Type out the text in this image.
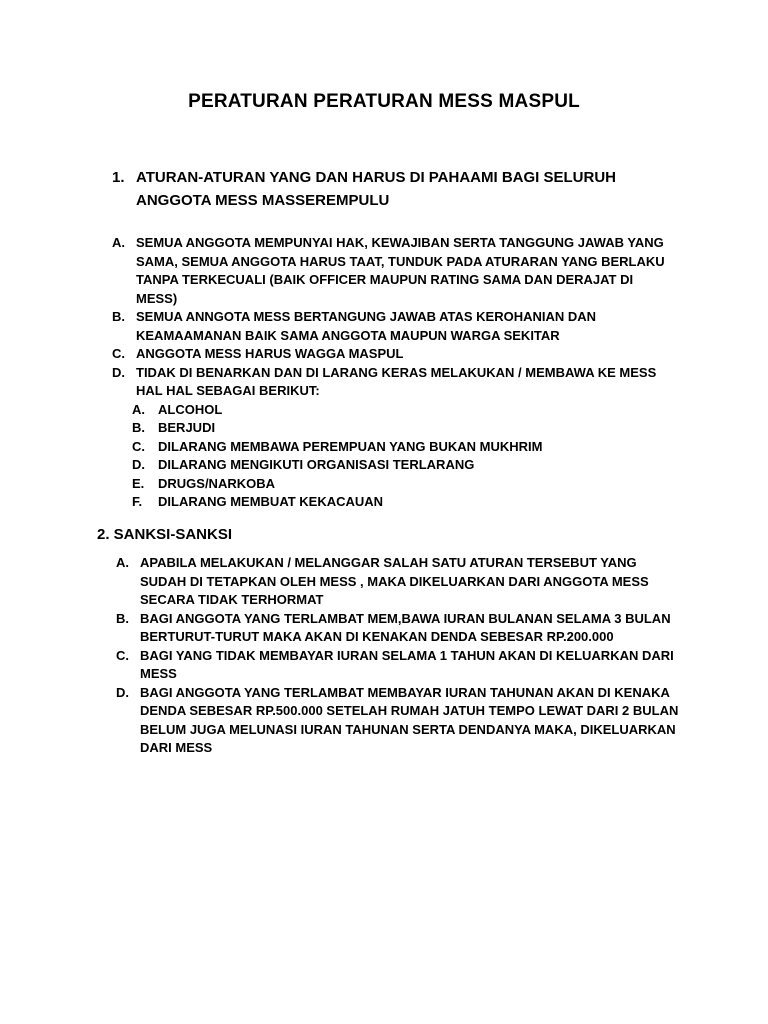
PERATURAN PERATURAN MESS MASPUL
1. ATURAN-ATURAN YANG DAN HARUS DI PAHAAMI BAGI SELURUH ANGGOTA MESS MASSEREMPULU
A. SEMUA ANGGOTA MEMPUNYAI HAK, KEWAJIBAN SERTA TANGGUNG JAWAB YANG SAMA, SEMUA ANGGOTA HARUS TAAT, TUNDUK PADA ATURARAN YANG BERLAKU TANPA TERKECUALI (BAIK OFFICER MAUPUN RATING SAMA DAN DERAJAT DI MESS)
B. SEMUA ANNGOTA MESS BERTANGUNG JAWAB ATAS KEROHANIAN DAN KEAMAAMANAN BAIK SAMA ANGGOTA MAUPUN WARGA SEKITAR
C. ANGGOTA MESS HARUS WAGGA MASPUL
D. TIDAK DI BENARKAN DAN DI LARANG KERAS MELAKUKAN / MEMBAWA KE MESS HAL HAL SEBAGAI BERIKUT:
A. ALCOHOL
B. BERJUDI
C. DILARANG MEMBAWA PEREMPUAN YANG BUKAN MUKHRIM
D. DILARANG MENGIKUTI ORGANISASI TERLARANG
E. DRUGS/NARKOBA
F. DILARANG MEMBUAT KEKACAUAN
2. SANKSI-SANKSI
A. APABILA MELAKUKAN / MELANGGAR SALAH SATU ATURAN TERSEBUT YANG SUDAH DI TETAPKAN OLEH MESS , MAKA DIKELUARKAN DARI ANGGOTA MESS SECARA TIDAK TERHORMAT
B. BAGI ANGGOTA YANG TERLAMBAT MEM,BAWA IURAN BULANAN SELAMA 3 BULAN BERTURUT-TURUT MAKA AKAN DI KENAKAN DENDA SEBESAR RP.200.000
C. BAGI YANG TIDAK MEMBAYAR IURAN SELAMA 1 TAHUN AKAN DI KELUARKAN DARI MESS
D. BAGI ANGGOTA YANG TERLAMBAT MEMBAYAR IURAN TAHUNAN AKAN DI KENAKA DENDA SEBESAR RP.500.000 SETELAH RUMAH JATUH TEMPO LEWAT DARI 2 BULAN BELUM JUGA MELUNASI IURAN TAHUNAN SERTA DENDANYA MAKA, DIKELUARKAN DARI MESS
